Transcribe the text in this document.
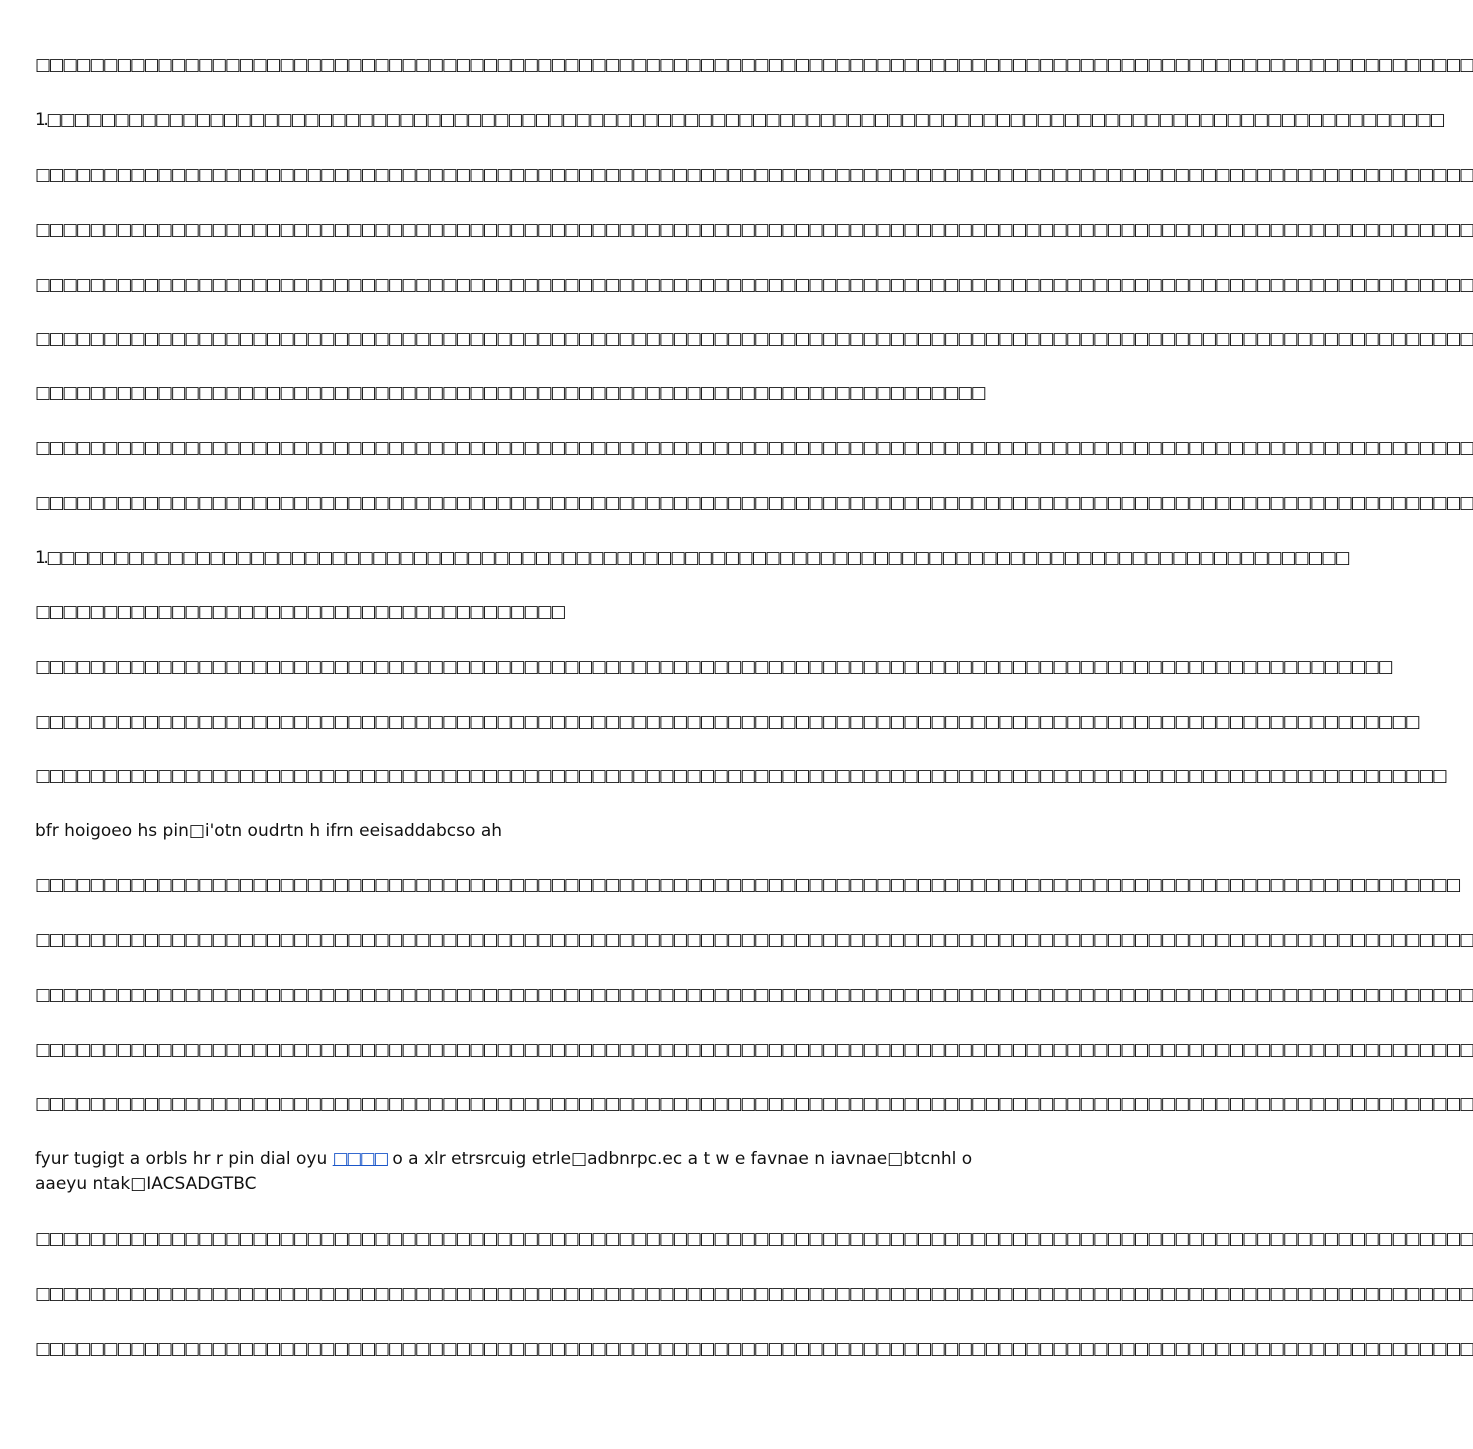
□□□□□□□□□□□□□□□□□□□□□□□□□□□□□□□□□□□□□□□□□□□□□□□□□□□□□□□□□□□□□□□□□□□□□□□□□□□□□□□□□□□□□□□□□□□□□□□□□□□□□□□□□□
1.□□□□□□□□□□□□□□□□□□□□□□□□□□□□□□□□□□□□□□□□□□□□□□□□□□□□□□□□□□□□□□□□□□□□□□□□□□□□□□□□□□□□□□□□□□□□□□□□□□□□□□□
□□□□□□□□□□□□□□□□□□□□□□□□□□□□□□□□□□□□□□□□□□□□□□□□□□□□□□□□□□□□□□□□□□□□□□□□□□□□□□□□□□□□□□□□□□□□□□□□□□□□□□□□□□
□□□□□□□□□□□□□□□□□□□□□□□□□□□□□□□□□□□□□□□□□□□□□□□□□□□□□□□□□□□□□□□□□□□□□□□□□□□□□□□□□□□□□□□□□□□□□□□□□□□□□□□□□□
□□□□□□□□□□□□□□□□□□□□□□□□□□□□□□□□□□□□□□□□□□□□□□□□□□□□□□□□□□□□□□□□□□□□□□□□□□□□□□□□□□□□□□□□□□□□□□□□□□□□□□□□□□
□□□□□□□□□□□□□□□□□□□□□□□□□□□□□□□□□□□□□□□□□□□□□□□□□□□□□□□□□□□□□□□□□□□□□□□□□□□□□□□□□□□□□□□□□□□□□□□□□□□□□□□□□□
□□□□□□□□□□□□□□□□□□□□□□□□□□□□□□□□□□□□□□□□□□□□□□□□□□□□□□□□□□□□□□□□□□□□□□
□□□□□□□□□□□□□□□□□□□□□□□□□□□□□□□□□□□□□□□□□□□□□□□□□□□□□□□□□□□□□□□□□□□□□□□□□□□□□□□□□□□□□□□□□□□□□□□□□□□□□□□□□□
□□□□□□□□□□□□□□□□□□□□□□□□□□□□□□□□□□□□□□□□□□□□□□□□□□□□□□□□□□□□□□□□□□□□□□□□□□□□□□□□□□□□□□□□□□□□□□□□□□□□□□□□□□
1.□□□□□□□□□□□□□□□□□□□□□□□□□□□□□□□□□□□□□□□□□□□□□□□□□□□□□□□□□□□□□□□□□□□□□□□□□□□□□□□□□□□□□□□□□□□□□□□□
□□□□□□□□□□□□□□□□□□□□□□□□□□□□□□□□□□□□□□□
□□□□□□□□□□□□□□□□□□□□□□□□□□□□□□□□□□□□□□□□□□□□□□□□□□□□□□□□□□□□□□□□□□□□□□□□□□□□□□□□□□□□□□□□□□□□□□□□□□□□
□□□□□□□□□□□□□□□□□□□□□□□□□□□□□□□□□□□□□□□□□□□□□□□□□□□□□□□□□□□□□□□□□□□□□□□□□□□□□□□□□□□□□□□□□□□□□□□□□□□□□□
□□□□□□□□□□□□□□□□□□□□□□□□□□□□□□□□□□□□□□□□□□□□□□□□□□□□□□□□□□□□□□□□□□□□□□□□□□□□□□□□□□□□□□□□□□□□□□□□□□□□□□□□
bfr hoigoeo hs pin□i'otn oudrtn h ifrn eeisaddabcso ah
□□□□□□□□□□□□□□□□□□□□□□□□□□□□□□□□□□□□□□□□□□□□□□□□□□□□□□□□□□□□□□□□□□□□□□□□□□□□□□□□□□□□□□□□□□□□□□□□□□□□□□□□□
□□□□□□□□□□□□□□□□□□□□□□□□□□□□□□□□□□□□□□□□□□□□□□□□□□□□□□□□□□□□□□□□□□□□□□□□□□□□□□□□□□□□□□□□□□□□□□□□□□□□□□□□□□
□□□□□□□□□□□□□□□□□□□□□□□□□□□□□□□□□□□□□□□□□□□□□□□□□□□□□□□□□□□□□□□□□□□□□□□□□□□□□□□□□□□□□□□□□□□□□□□□□□□□□□□□□□
□□□□□□□□□□□□□□□□□□□□□□□□□□□□□□□□□□□□□□□□□□□□□□□□□□□□□□□□□□□□□□□□□□□□□□□□□□□□□□□□□□□□□□□□□□□□□□□□□□□□□□□□□□
□□□□□□□□□□□□□□□□□□□□□□□□□□□□□□□□□□□□□□□□□□□□□□□□□□□□□□□□□□□□□□□□□□□□□□□□□□□□□□□□□□□□□□□□□□□□□□□□□□□□□□□□□□
fyur tugigt a orbls hr r pin dial oyu □□□□ o a xlr etrsrcuig etrle□adbnrpc.ec a t w e favnae n iavnae□btcnhl o aaeyu ntak□IACSADGTBC
□□□□□□□□□□□□□□□□□□□□□□□□□□□□□□□□□□□□□□□□□□□□□□□□□□□□□□□□□□□□□□□□□□□□□□□□□□□□□□□□□□□□□□□□□□□□□□□□□□□□□□□□□□
□□□□□□□□□□□□□□□□□□□□□□□□□□□□□□□□□□□□□□□□□□□□□□□□□□□□□□□□□□□□□□□□□□□□□□□□□□□□□□□□□□□□□□□□□□□□□□□□□□□□□□□□□□
□□□□□□□□□□□□□□□□□□□□□□□□□□□□□□□□□□□□□□□□□□□□□□□□□□□□□□□□□□□□□□□□□□□□□□□□□□□□□□□□□□□□□□□□□□□□□□□□□□□□□□□□□□
